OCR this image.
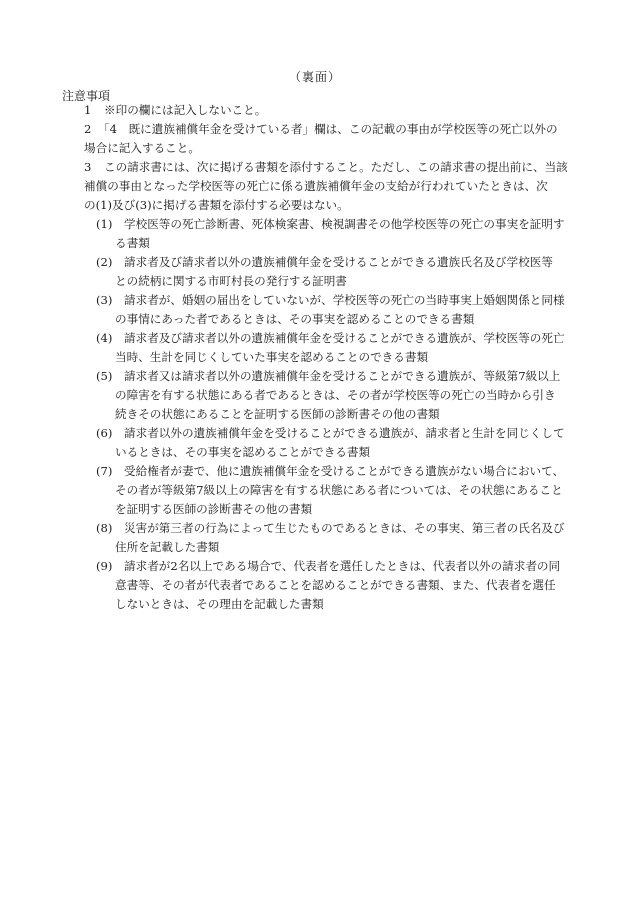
（裏面）
注意事項
1 ※印の欄には記入しないこと。
2 「4　既に遺族補償年金を受けている者」欄は、この記載の事由が学校医等の死亡以外の
場合に記入すること。
3 この請求書には、次に掲げる書類を添付すること。ただし、この請求書の提出前に、当該
補償の事由となった学校医等の死亡に係る遺族補償年金の支給が行われていたときは、次
の(1)及び(3)に掲げる書類を添付する必要はない。
(1) 学校医等の死亡診断書、死体検案書、検視調書その他学校医等の死亡の事実を証明す
る書類
(2) 請求者及び請求者以外の遺族補償年金を受けることができる遺族氏名及び学校医等
との続柄に関する市町村長の発行する証明書
(3) 請求者が、婚姻の届出をしていないが、学校医等の死亡の当時事実上婚姻関係と同様
の事情にあった者であるときは、その事実を認めることのできる書類
(4) 請求者及び請求者以外の遺族補償年金を受けることができる遺族が、学校医等の死亡
当時、生計を同じくしていた事実を認めることのできる書類
(5) 請求者又は請求者以外の遺族補償年金を受けることができる遺族が、等級第7級以上
の障害を有する状態にある者であるときは、その者が学校医等の死亡の当時から引き
続きその状態にあることを証明する医師の診断書その他の書類
(6) 請求者以外の遺族補償年金を受けることができる遺族が、請求者と生計を同じくして
いるときは、その事実を認めることができる書類
(7) 受給権者が妻で、他に遺族補償年金を受けることができる遺族がない場合において、
その者が等級第7級以上の障害を有する状態にある者については、その状態にあること
を証明する医師の診断書その他の書類
(8) 災害が第三者の行為によって生じたものであるときは、その事実、第三者の氏名及び
住所を記載した書類
(9) 請求者が2名以上である場合で、代表者を選任したときは、代表者以外の請求者の同
意書等、その者が代表者であることを認めることができる書類、また、代表者を選任
しないときは、その理由を記載した書類
